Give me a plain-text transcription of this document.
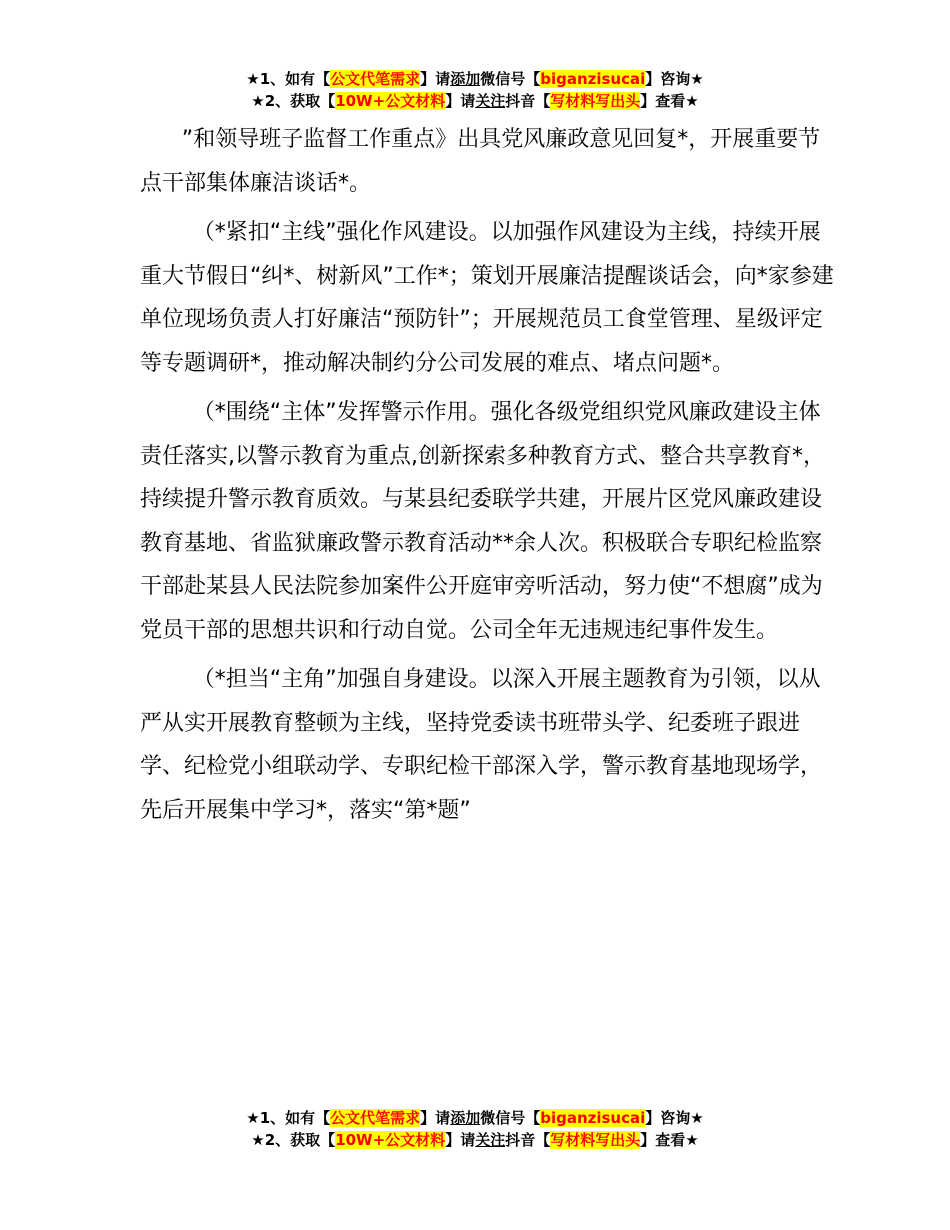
★1、如有【公文代笔需求】请添加微信号【biganzisucai】咨询★
★2、获取【10W+公文材料】请关注抖音【写材料写出头】查看★

”和领导班子监督工作重点》出具党风廉政意见回复*，开展重要节点干部集体廉洁谈话*。

（*紧扣“主线”强化作风建设。以加强作风建设为主线，持续开展重大节假日“纠*、树新风”工作*；策划开展廉洁提醒谈话会，向*家参建单位现场负责人打好廉洁“预防针”；开展规范员工食堂管理、星级评定等专题调研*，推动解决制约分公司发展的难点、堵点问题*。

（*围绕“主体”发挥警示作用。强化各级党组织党风廉政建设主体责任落实,以警示教育为重点,创新探索多种教育方式、整合共享教育*，持续提升警示教育质效。与某县纪委联学共建，开展片区党风廉政建设教育基地、省监狱廉政警示教育活动**余人次。积极联合专职纪检监察干部赴某县人民法院参加案件公开庭审旁听活动，努力使“不想腐”成为党员干部的思想共识和行动自觉。公司全年无违规违纪事件发生。

（*担当“主角”加强自身建设。以深入开展主题教育为引领，以从严从实开展教育整顿为主线，坚持党委读书班带头学、纪委班子跟进学、纪检党小组联动学、专职纪检干部深入学，警示教育基地现场学，先后开展集中学习*，落实“第*题”

★1、如有【公文代笔需求】请添加微信号【biganzisucai】咨询★
★2、获取【10W+公文材料】请关注抖音【写材料写出头】查看★
